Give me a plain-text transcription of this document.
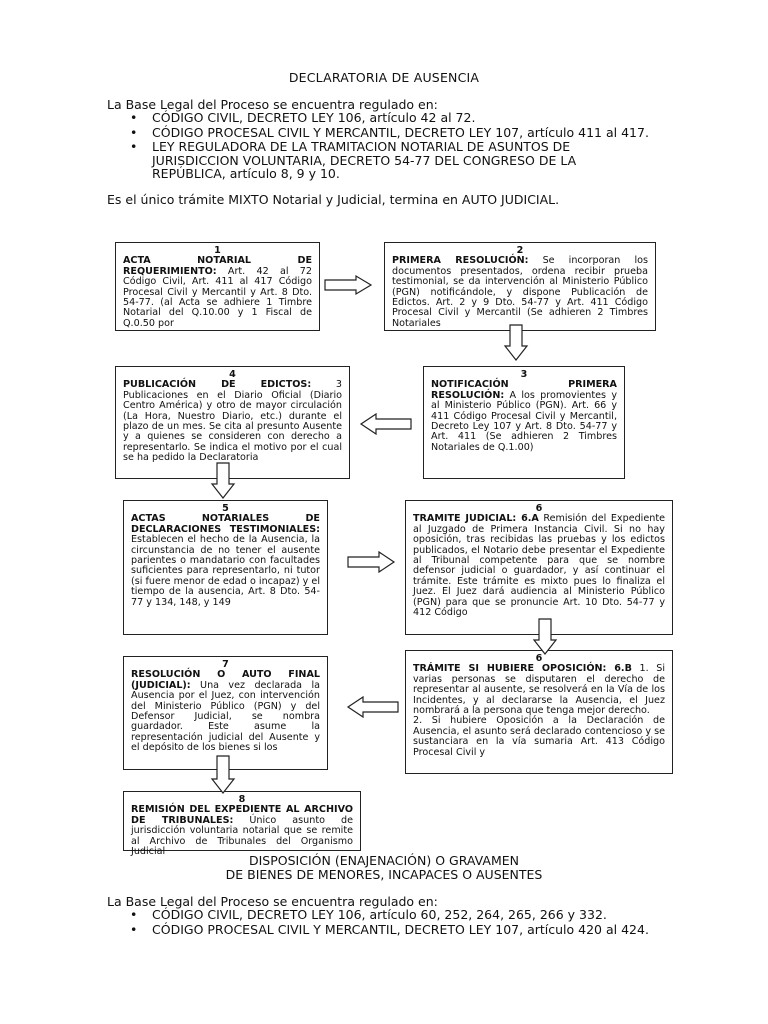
DECLARATORIA DE AUSENCIA
La Base Legal del Proceso se encuentra regulado en:
• CÓDIGO CIVIL, DECRETO LEY 106, artículo 42 al 72.
• CÓDIGO PROCESAL CIVIL Y MERCANTIL, DECRETO LEY 107, artículo 411 al 417.
• LEY REGULADORA DE LA TRAMITACION NOTARIAL DE ASUNTOS DE JURISDICCION VOLUNTARIA, DECRETO 54-77 DEL CONGRESO DE LA REPÚBLICA, artículo 8, 9 y 10.
Es el único trámite MIXTO Notarial y Judicial, termina en AUTO JUDICIAL.
1
ACTA NOTARIAL DE REQUERIMIENTO: Art. 42 al 72 Código Civil, Art. 411 al 417 Código Procesal Civil y Mercantil y Art. 8 Dto. 54-77. (al Acta se adhiere 1 Timbre Notarial del Q.10.00 y 1 Fiscal de Q.0.50 por
2
PRIMERA RESOLUCIÓN: Se incorporan los documentos presentados, ordena recibir prueba testimonial, se da intervención al Ministerio Público (PGN) notificándole, y dispone Publicación de Edictos. Art. 2 y 9 Dto. 54-77 y Art. 411 Código Procesal Civil y Mercantil (Se adhieren 2 Timbres Notariales
3
NOTIFICACIÓN PRIMERA RESOLUCIÓN: A los promovientes y al Ministerio Público (PGN). Art. 66 y 411 Código Procesal Civil y Mercantil, Decreto Ley 107 y Art. 8 Dto. 54-77 y Art. 411 (Se adhieren 2 Timbres Notariales de Q.1.00)
4
PUBLICACIÓN DE EDICTOS: 3 Publicaciones en el Diario Oficial (Diario Centro América) y otro de mayor circulación (La Hora, Nuestro Diario, etc.) durante el plazo de un mes. Se cita al presunto Ausente y a quienes se consideren con derecho a representarlo. Se indica el motivo por el cual se ha pedido la Declaratoria
5
ACTAS NOTARIALES DE DECLARACIONES TESTIMONIALES: Establecen el hecho de la Ausencia, la circunstancia de no tener el ausente parientes o mandatario con facultades suficientes para representarlo, ni tutor (si fuere menor de edad o incapaz) y el tiempo de la ausencia, Art. 8 Dto. 54-77 y 134, 148, y 149
6
TRAMITE JUDICIAL: 6.A Remisión del Expediente al Juzgado de Primera Instancia Civil. Si no hay oposición, tras recibidas las pruebas y los edictos publicados, el Notario debe presentar el Expediente al Tribunal competente para que se nombre defensor judicial o guardador, y así continuar el trámite. Este trámite es mixto pues lo finaliza el Juez. El Juez dará audiencia al Ministerio Público (PGN) para que se pronuncie Art. 10 Dto. 54-77 y 412 Código
6
TRÁMITE SI HUBIERE OPOSICIÓN: 6.B 1. Si varias personas se disputaren el derecho de representar al ausente, se resolverá en la Vía de los Incidentes, y al declararse la Ausencia, el Juez nombrará a la persona que tenga mejor derecho.
2. Si hubiere Oposición a la Declaración de Ausencia, el asunto será declarado contencioso y se sustanciara en la vía sumaria Art. 413 Código Procesal Civil y
7
RESOLUCIÓN O AUTO FINAL (JUDICIAL): Una vez declarada la Ausencia por el Juez, con intervención del Ministerio Público (PGN) y del Defensor Judicial, se nombra guardador. Este asume la representación judicial del Ausente y el depósito de los bienes si los
8
REMISIÓN DEL EXPEDIENTE AL ARCHIVO DE TRIBUNALES: Único asunto de jurisdicción voluntaria notarial que se remite al Archivo de Tribunales del Organismo Judicial
DISPOSICIÓN (ENAJENACIÓN) O GRAVAMEN
DE BIENES DE MENORES, INCAPACES O AUSENTES
La Base Legal del Proceso se encuentra regulado en:
• CÓDIGO CIVIL, DECRETO LEY 106, artículo 60, 252, 264, 265, 266 y 332.
• CÓDIGO PROCESAL CIVIL Y MERCANTIL, DECRETO LEY 107, artículo 420 al 424.
